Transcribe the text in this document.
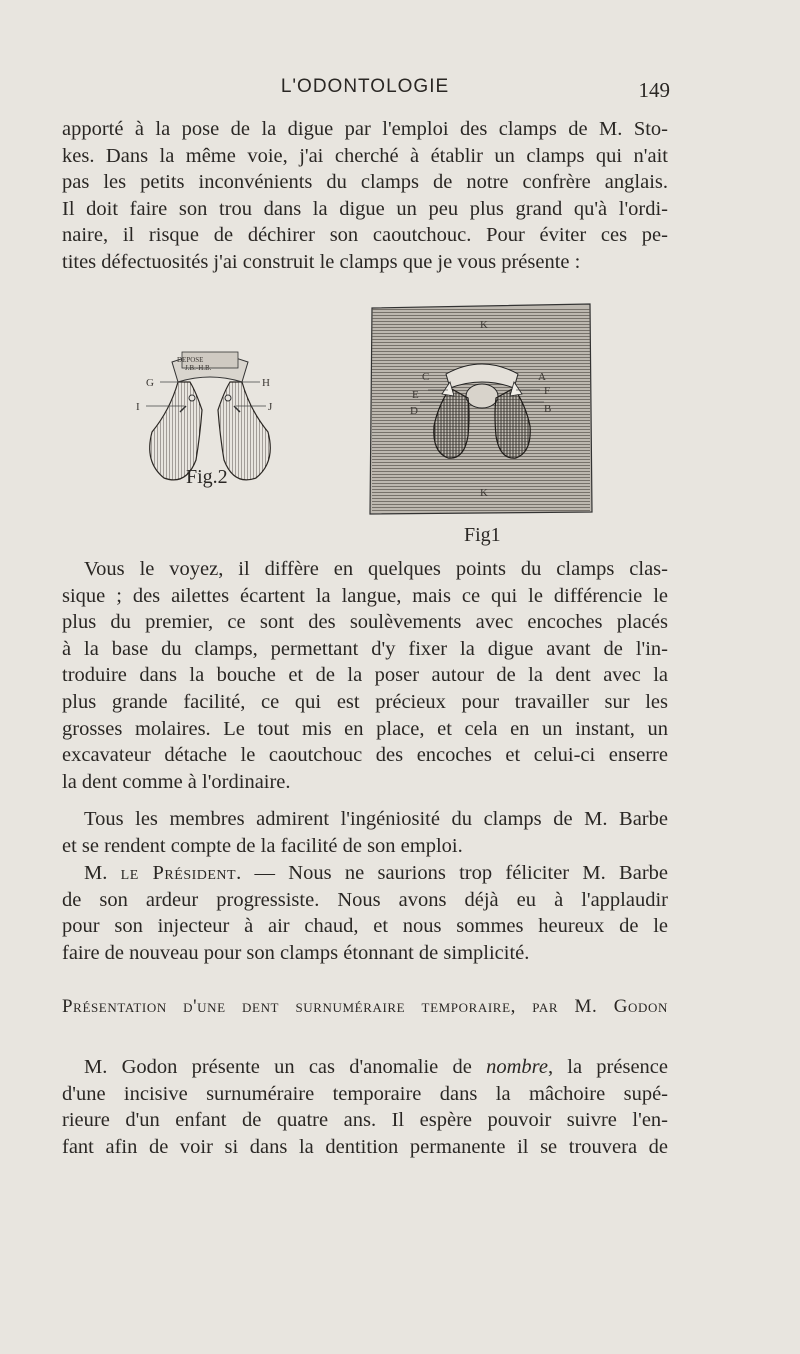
L'ODONTOLOGIE	149
apporté à la pose de la digue par l'emploi des clamps de M. Sto-
kes. Dans la même voie, j'ai cherché à établir un clamps qui n'ait
pas les petits inconvénients du clamps de notre confrère anglais.
Il doit faire son trou dans la digue un peu plus grand qu'à l'ordi-
naire, il risque de déchirer son caoutchouc. Pour éviter ces pe-
tites défectuosités j'ai construit le clamps que je vous présente :
DEPOSE
J.B.-H.B.
G	H
I	J
Fig.2
K
K
C	A
E	F
D	B
Fig1
Vous le voyez, il diffère en quelques points du clamps clas-
sique ; des ailettes écartent la langue, mais ce qui le différencie le
plus du premier, ce sont des soulèvements avec encoches placés
à la base du clamps, permettant d'y fixer la digue avant de l'in-
troduire dans la bouche et de la poser autour de la dent avec la
plus grande facilité, ce qui est précieux pour travailler sur les
grosses molaires. Le tout mis en place, et cela en un instant, un
excavateur détache le caoutchouc des encoches et celui-ci enserre
la dent comme à l'ordinaire.
Tous les membres admirent l'ingéniosité du clamps de M. Barbe
et se rendent compte de la facilité de son emploi.
M. le Président. — Nous ne saurions trop féliciter M. Barbe
de son ardeur progressiste. Nous avons déjà eu à l'applaudir
pour son injecteur à air chaud, et nous sommes heureux de le
faire de nouveau pour son clamps étonnant de simplicité.
Présentation d'une dent surnuméraire temporaire, par M. Godon
M. Godon présente un cas d'anomalie de nombre, la présence
d'une incisive surnuméraire temporaire dans la mâchoire supé-
rieure d'un enfant de quatre ans. Il espère pouvoir suivre l'en-
fant afin de voir si dans la dentition permanente il se trouvera de
